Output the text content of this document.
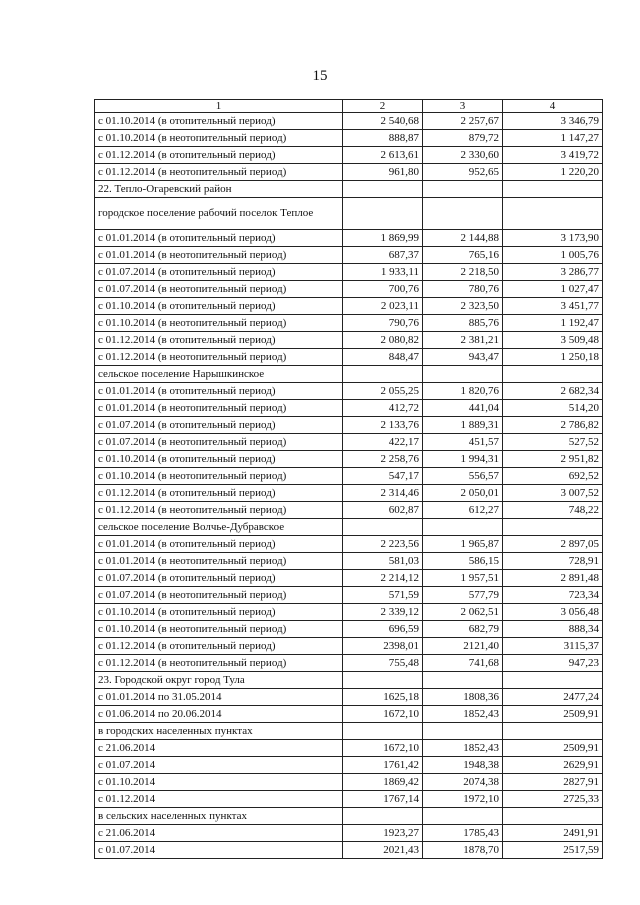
15
1	2	3	4
с 01.10.2014 (в отопительный период)	2 540,68	2 257,67	3 346,79
с 01.10.2014 (в неотопительный период)	888,87	879,72	1 147,27
с 01.12.2014 (в отопительный период)	2 613,61	2 330,60	3 419,72
с 01.12.2014 (в неотопительный период)	961,80	952,65	1 220,20
22. Тепло-Огаревский район			
городское поселение рабочий поселок Теплое			
с 01.01.2014 (в отопительный период)	1 869,99	2 144,88	3 173,90
с 01.01.2014 (в неотопительный период)	687,37	765,16	1 005,76
с 01.07.2014 (в отопительный период)	1 933,11	2 218,50	3 286,77
с 01.07.2014 (в неотопительный период)	700,76	780,76	1 027,47
с 01.10.2014 (в отопительный период)	2 023,11	2 323,50	3 451,77
с 01.10.2014 (в неотопительный период)	790,76	885,76	1 192,47
с 01.12.2014 (в отопительный период)	2 080,82	2 381,21	3 509,48
с 01.12.2014 (в неотопительный период)	848,47	943,47	1 250,18
сельское поселение Нарышкинское			
с 01.01.2014 (в отопительный период)	2 055,25	1 820,76	2 682,34
с 01.01.2014 (в неотопительный период)	412,72	441,04	514,20
с 01.07.2014 (в отопительный период)	2 133,76	1 889,31	2 786,82
с 01.07.2014 (в неотопительный период)	422,17	451,57	527,52
с 01.10.2014 (в отопительный период)	2 258,76	1 994,31	2 951,82
с 01.10.2014 (в неотопительный период)	547,17	556,57	692,52
с 01.12.2014 (в отопительный период)	2 314,46	2 050,01	3 007,52
с 01.12.2014 (в неотопительный период)	602,87	612,27	748,22
сельское поселение Волчье-Дубравское			
с 01.01.2014 (в отопительный период)	2 223,56	1 965,87	2 897,05
с 01.01.2014 (в неотопительный период)	581,03	586,15	728,91
с 01.07.2014 (в отопительный период)	2 214,12	1 957,51	2 891,48
с 01.07.2014 (в неотопительный период)	571,59	577,79	723,34
с 01.10.2014 (в отопительный период)	2 339,12	2 062,51	3 056,48
с 01.10.2014 (в неотопительный период)	696,59	682,79	888,34
с 01.12.2014 (в отопительный период)	2398,01	2121,40	3115,37
с 01.12.2014 (в неотопительный период)	755,48	741,68	947,23
23. Городской округ город Тула			
с 01.01.2014 по 31.05.2014	1625,18	1808,36	2477,24
с 01.06.2014 по 20.06.2014	1672,10	1852,43	2509,91
в городских населенных пунктах			
с 21.06.2014	1672,10	1852,43	2509,91
с 01.07.2014	1761,42	1948,38	2629,91
с 01.10.2014	1869,42	2074,38	2827,91
с 01.12.2014	1767,14	1972,10	2725,33
в сельских населенных пунктах			
с 21.06.2014	1923,27	1785,43	2491,91
с 01.07.2014	2021,43	1878,70	2517,59
